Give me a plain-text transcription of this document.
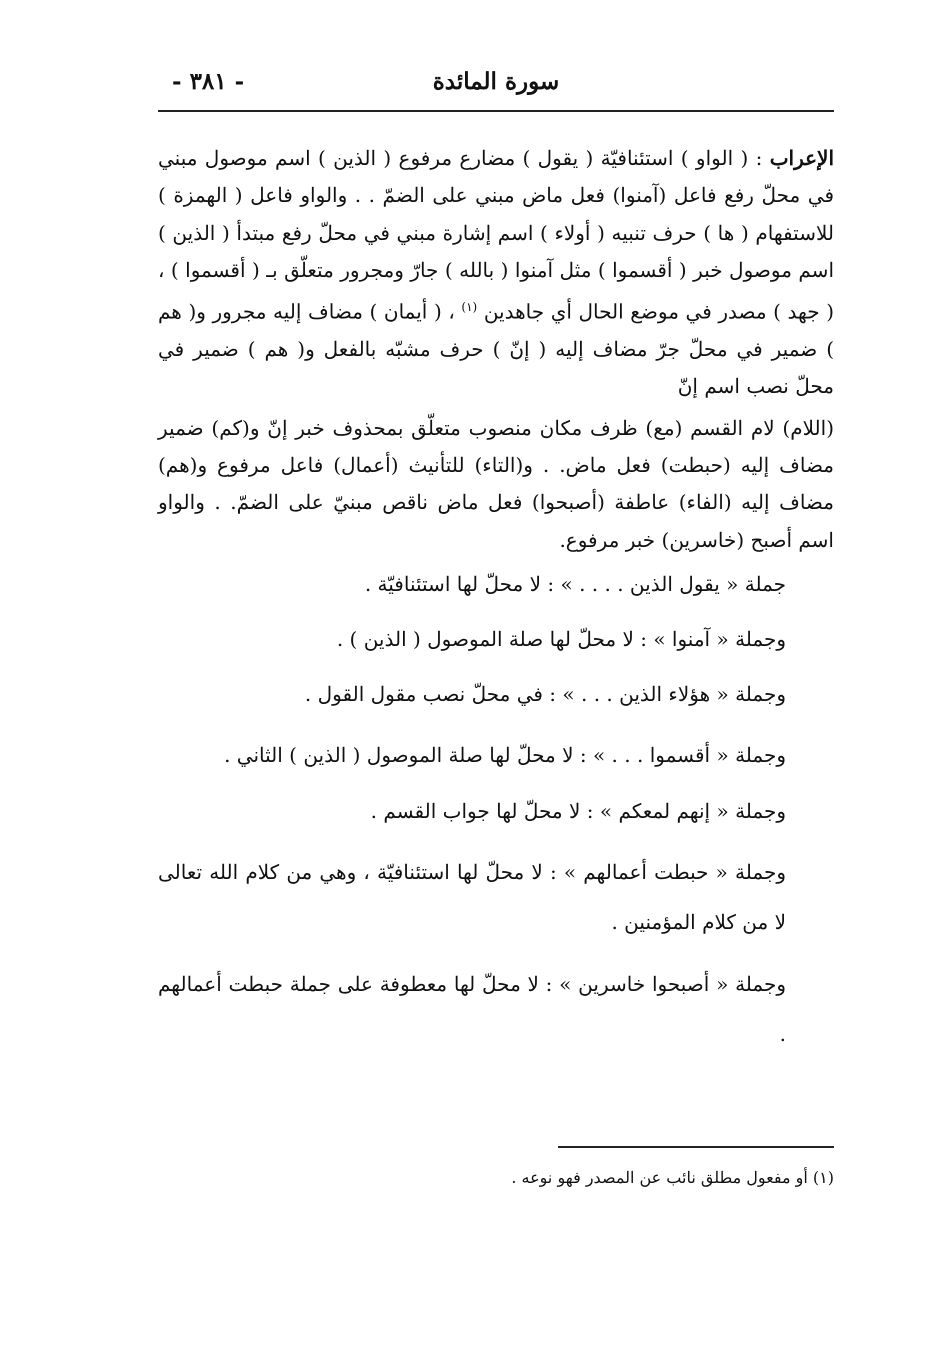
سورة المائدة
- ٣٨١ -

الإعراب : ( الواو ) استئنافيّة ( يقول ) مضارع مرفوع ( الذين ) اسم موصول مبني في محلّ رفع فاعل (آمنوا) فعل ماض مبني على الضمّ . . والواو فاعل ( الهمزة ) للاستفهام ( ها ) حرف تنبيه ( أولاء ) اسم إشارة مبني في محلّ رفع مبتدأ ( الذين ) اسم موصول خبر ( أقسموا ) مثل آمنوا ( بالله ) جارّ ومجرور متعلّق بـ ( أقسموا ) ، ( جهد ) مصدر في موضع الحال أي جاهدين $^{(١)}$ ، ( أيمان ) مضاف إليه مجرور و( هم ) ضمير في محلّ جرّ مضاف إليه ( إنّ ) حرف مشبّه بالفعل و( هم ) ضمير في محلّ نصب اسم إنّ

(اللام) لام القسم (مع) ظرف مكان منصوب متعلّق بمحذوف خبر إنّ و(كم) ضمير مضاف إليه (حبطت) فعل ماض. . و(التاء) للتأنيث (أعمال) فاعل مرفوع و(هم) مضاف إليه (الفاء) عاطفة (أصبحوا) فعل ماض ناقص مبنيّ على الضمّ. . والواو اسم أصبح (خاسرين) خبر مرفوع.

جملة « يقول الذين . . . . » : لا محلّ لها استئنافيّة .

وجملة « آمنوا » : لا محلّ لها صلة الموصول ( الذين ) .

وجملة « هؤلاء الذين . . . » : في محلّ نصب مقول القول .

وجملة « أقسموا . . . » : لا محلّ لها صلة الموصول ( الذين ) الثاني .

وجملة « إنهم لمعكم » : لا محلّ لها جواب القسم .

وجملة « حبطت أعمالهم » : لا محلّ لها استئنافيّة ، وهي من كلام الله تعالى لا من كلام المؤمنين .

وجملة « أصبحوا خاسرين » : لا محلّ لها معطوفة على جملة حبطت أعمالهم .

(١) أو مفعول مطلق نائب عن المصدر فهو نوعه .
